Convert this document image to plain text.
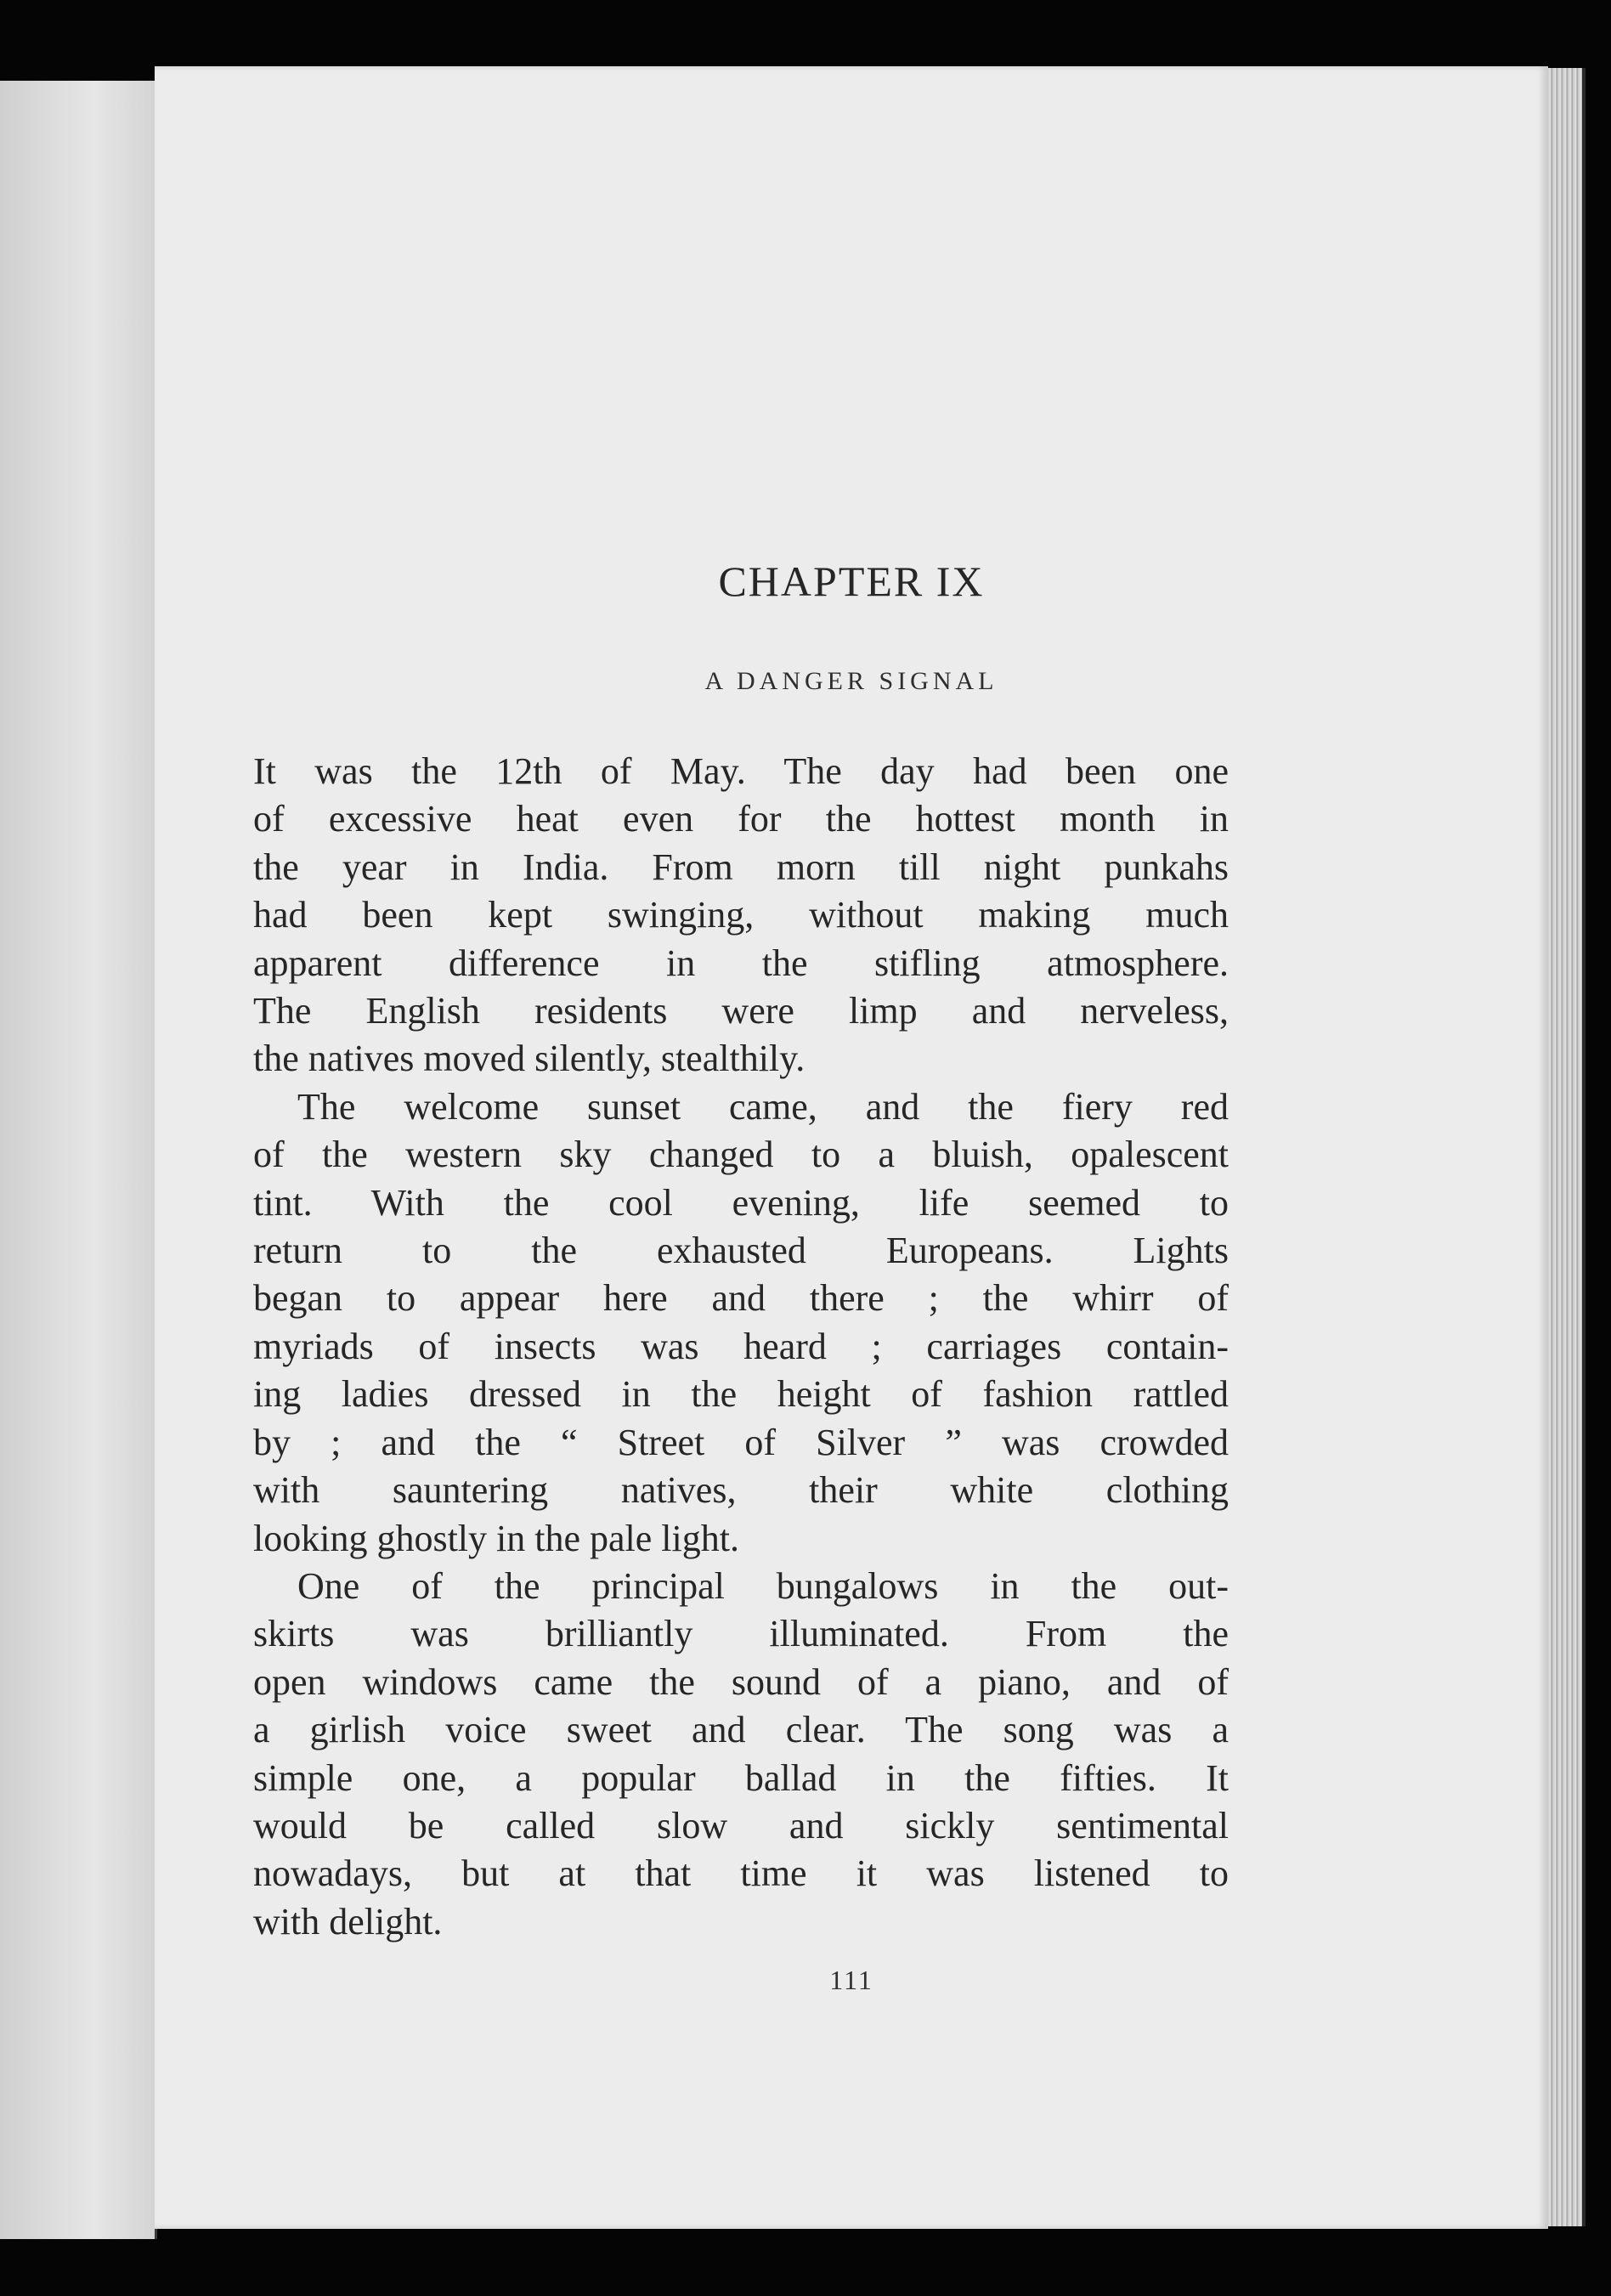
CHAPTER IX
A DANGER SIGNAL

It was the 12th of May. The day had been one

of excessive heat even for the hottest month in

the year in India. From morn till night punkahs

had been kept swinging, without making much

apparent difference in the stifling atmosphere.

The English residents were limp and nerveless,

the natives moved silently, stealthily.

The welcome sunset came, and the fiery red

of the western sky changed to a bluish, opalescent

tint. With the cool evening, life seemed to

return to the exhausted Europeans. Lights

began to appear here and there ; the whirr of

myriads of insects was heard ; carriages contain-

ing ladies dressed in the height of fashion rattled

by ; and the “ Street of Silver ” was crowded

with sauntering natives, their white clothing

looking ghostly in the pale light.

One of the principal bungalows in the out-

skirts was brilliantly illuminated. From the

open windows came the sound of a piano, and of

a girlish voice sweet and clear. The song was a

simple one, a popular ballad in the fifties. It

would be called slow and sickly sentimental

nowadays, but at that time it was listened to

with delight.

111
